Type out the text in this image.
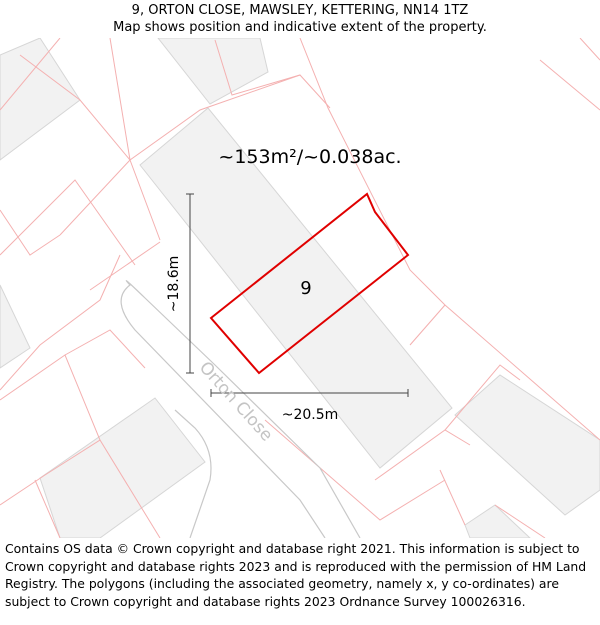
9, ORTON CLOSE, MAWSLEY, KETTERING, NN14 1TZ
Map shows position and indicative extent of the property.
~153m²/~0.038ac.
9
~18.6m
~20.5m
Orton Close
Contains OS data © Crown copyright and database right 2021. This information is subject to Crown copyright and database rights 2023 and is reproduced with the permission of HM Land Registry. The polygons (including the associated geometry, namely x, y co-ordinates) are subject to Crown copyright and database rights 2023 Ordnance Survey 100026316.
